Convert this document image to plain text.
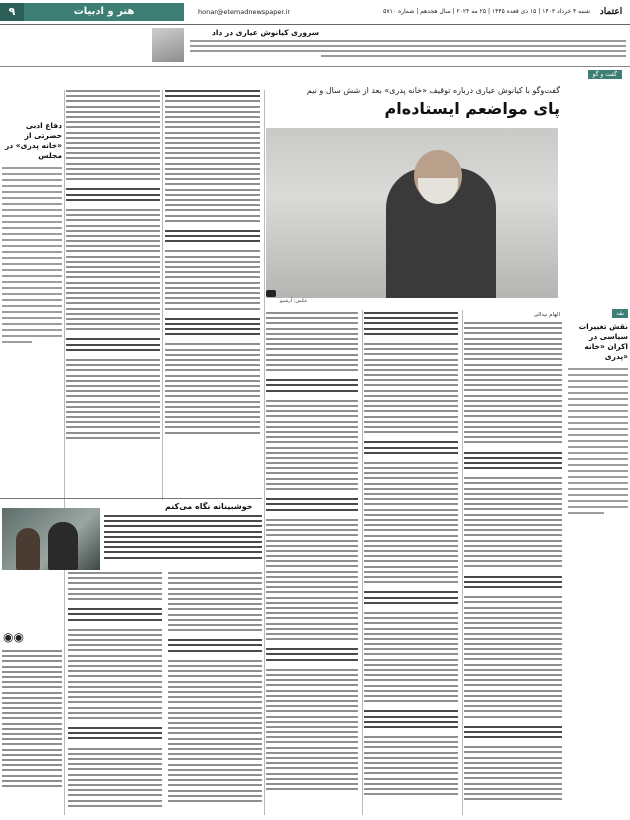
اعتماد
شنبه ۴ خرداد ۱۴۰۳ | ۱۵ ذی قعده ۱۴۴۵ | ۲۵ مه ۲۰۲۴ | سال هجدهم | شماره ۵۷۱۰
honar@etemadnewspaper.ir
هنر و ادبیات
۹
سروری کیانوش عیاری در داد
گفت و گو
گفت‌وگو با کیانوش عیاری درباره توقیف «خانه پدری» بعد از شش سال و نیم
پای مواضعم ایستاده‌ام
عکس: آرشیو
نقد
نقش تغییرات سیاسی در اکران «خانه پدری»
دفاع ادبی حضرتی از «خانه پدری» در مجلس
الهام نیدالی
خوشبینانه نگاه می‌کنم
◉◉
